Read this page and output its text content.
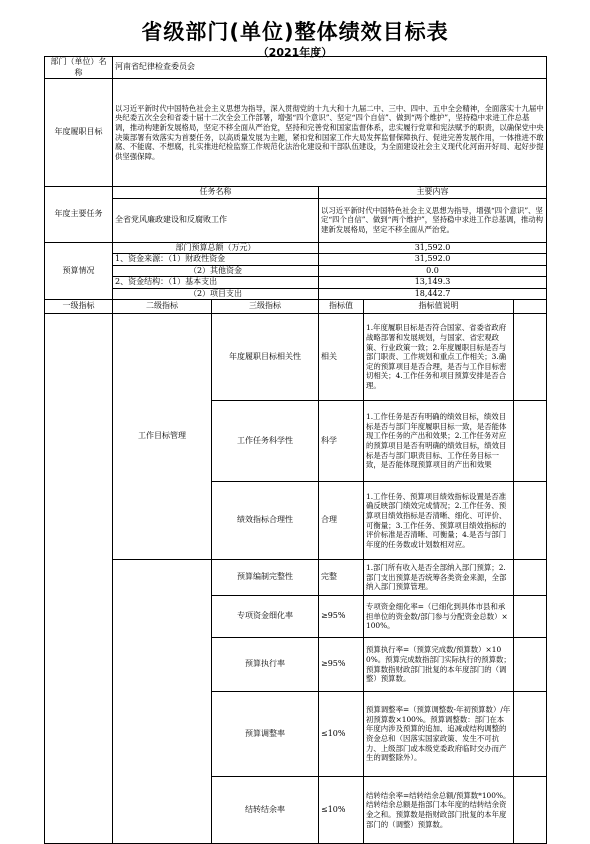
省级部门(单位)整体绩效目标表
（2021年度）
部门（单位）名称	河南省纪律检查委员会				
年度履职目标	以习近平新时代中国特色社会主义思想为指导，深入贯彻党的十九大和十九届二中、三中、四中、五中全会精神，全面落实十九届中央纪委五次全会和省委十届十二次全会工作部署，增强“四个意识”、坚定“四个自信”、做到“两个维护”，坚持稳中求进工作总基调，推动构建新发展格局，坚定不移全面从严治党，坚持和完善党和国家监督体系，忠实履行党章和宪法赋予的职责，以确保党中央决策部署有效落实为首要任务，以高质量发展为主题，紧扣党和国家工作大局发挥监督保障执行、促进完善发展作用，一体推进不敢腐、不能腐、不想腐，扎实推进纪检监察工作规范化法治化建设和干部队伍建设，为全面建设社会主义现代化河南开好局、起好步提供坚强保障。				
年度主要任务	任务名称		主要内容		
	全省党风廉政建设和反腐败工作		以习近平新时代中国特色社会主义思想为指导，增强“四个意识”、坚定“四个自信”、做到“两个维护”，坚持稳中求进工作总基调，推动构建新发展格局，坚定不移全面从严治党。		
预算情况	部门预算总额（万元）		31,592.0		
	1、资金来源：（1）财政性资金		31,592.0		
	（2）其他资金		0.0		
	2、资金结构：（1）基本支出		13,149.3		
	（2）项目支出		18,442.7		
一级指标	二级指标	三级指标	指标值	指标值说明	
	工作目标管理	年度履职目标相关性	相关	1.年度履职目标是否符合国家、省委省政府战略部署和发展规划，与国家、省宏观政策、行业政策一致；2.年度履职目标是否与部门职责、工作规划和重点工作相关；3.确定的预算项目是否合理，是否与工作目标密切相关；4.工作任务和项目预算安排是否合理。	
		工作任务科学性	科学	1.工作任务是否有明确的绩效目标，绩效目标是否与部门年度履职目标一致，是否能体现工作任务的产出和效果；2.工作任务对应的预算项目是否有明确的绩效目标，绩效目标是否与部门职责目标、工作任务目标一致，是否能体现预算项目的产出和效果	
		绩效指标合理性	合理	1.工作任务、预算项目绩效指标设置是否准确反映部门绩效完成情况；2.工作任务、预算项目绩效指标是否清晰、细化、可评价、可衡量；3.工作任务、预算项目绩效指标的评价标准是否清晰、可衡量；4.是否与部门年度的任务数或计划数相对应。	
		预算编制完整性	完整	1.部门所有收入是否全部纳入部门预算；2.部门支出预算是否统筹各类资金来源，全部纳入部门预算管理。	
		专项资金细化率	≥95%	专项资金细化率=（已细化到具体市县和承担单位的资金数/部门参与分配资金总数）×100%。	
		预算执行率	≥95%	预算执行率=（预算完成数/预算数）×100%。预算完成数指部门实际执行的预算数；预算数指财政部门批复的本年度部门的（调整）预算数。	
		预算调整率	≤10%	预算调整率=（预算调整数-年初预算数）/年初预算数×100%。预算调整数：部门在本年度内涉及预算的追加、追减或结构调整的资金总和（因落实国家政策、发生不可抗力、上级部门或本级党委政府临时交办而产生的调整除外）。	
		结转结余率	≤10%	结转结余率=结转结余总额/预算数*100%。结转结余总额是指部门本年度的结转结余资金之和。预算数是指财政部门批复的本年度部门的（调整）预算数。	
